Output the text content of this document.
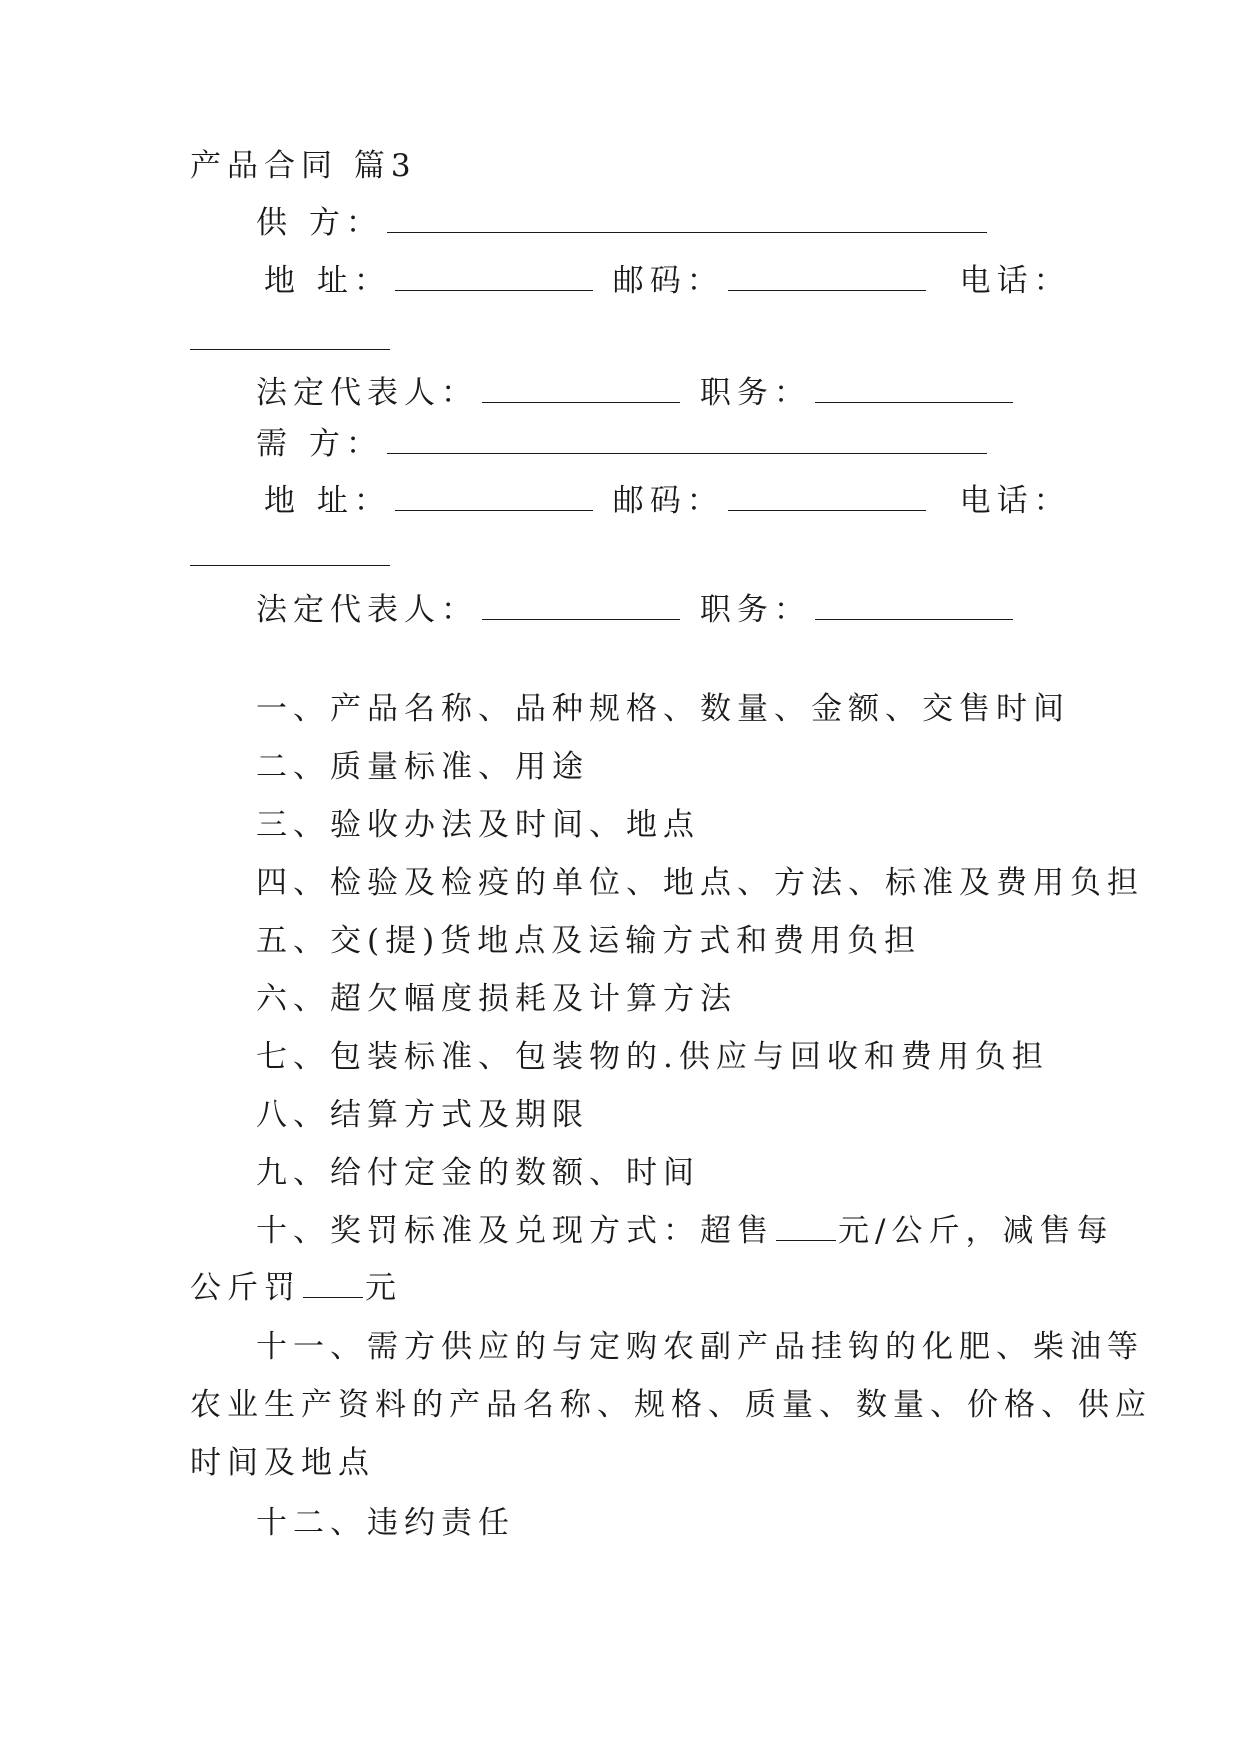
产品合同 篇3
供 方：
地 址：	邮码：	电话：
法定代表人：	职务：
需 方：
地 址：	邮码：	电话：
法定代表人：	职务：
一、产品名称、品种规格、数量、金额、交售时间
二、质量标准、用途
三、验收办法及时间、地点
四、检验及检疫的单位、地点、方法、标准及费用负担
五、交(提)货地点及运输方式和费用负担
六、超欠幅度损耗及计算方法
七、包装标准、包装物的.供应与回收和费用负担
八、结算方式及期限
九、给付定金的数额、时间
十、奖罚标准及兑现方式：超售 元/公斤，减售每
公斤罚 元
十一、需方供应的与定购农副产品挂钩的化肥、柴油等
农业生产资料的产品名称、规格、质量、数量、价格、供应
时间及地点
十二、违约责任
